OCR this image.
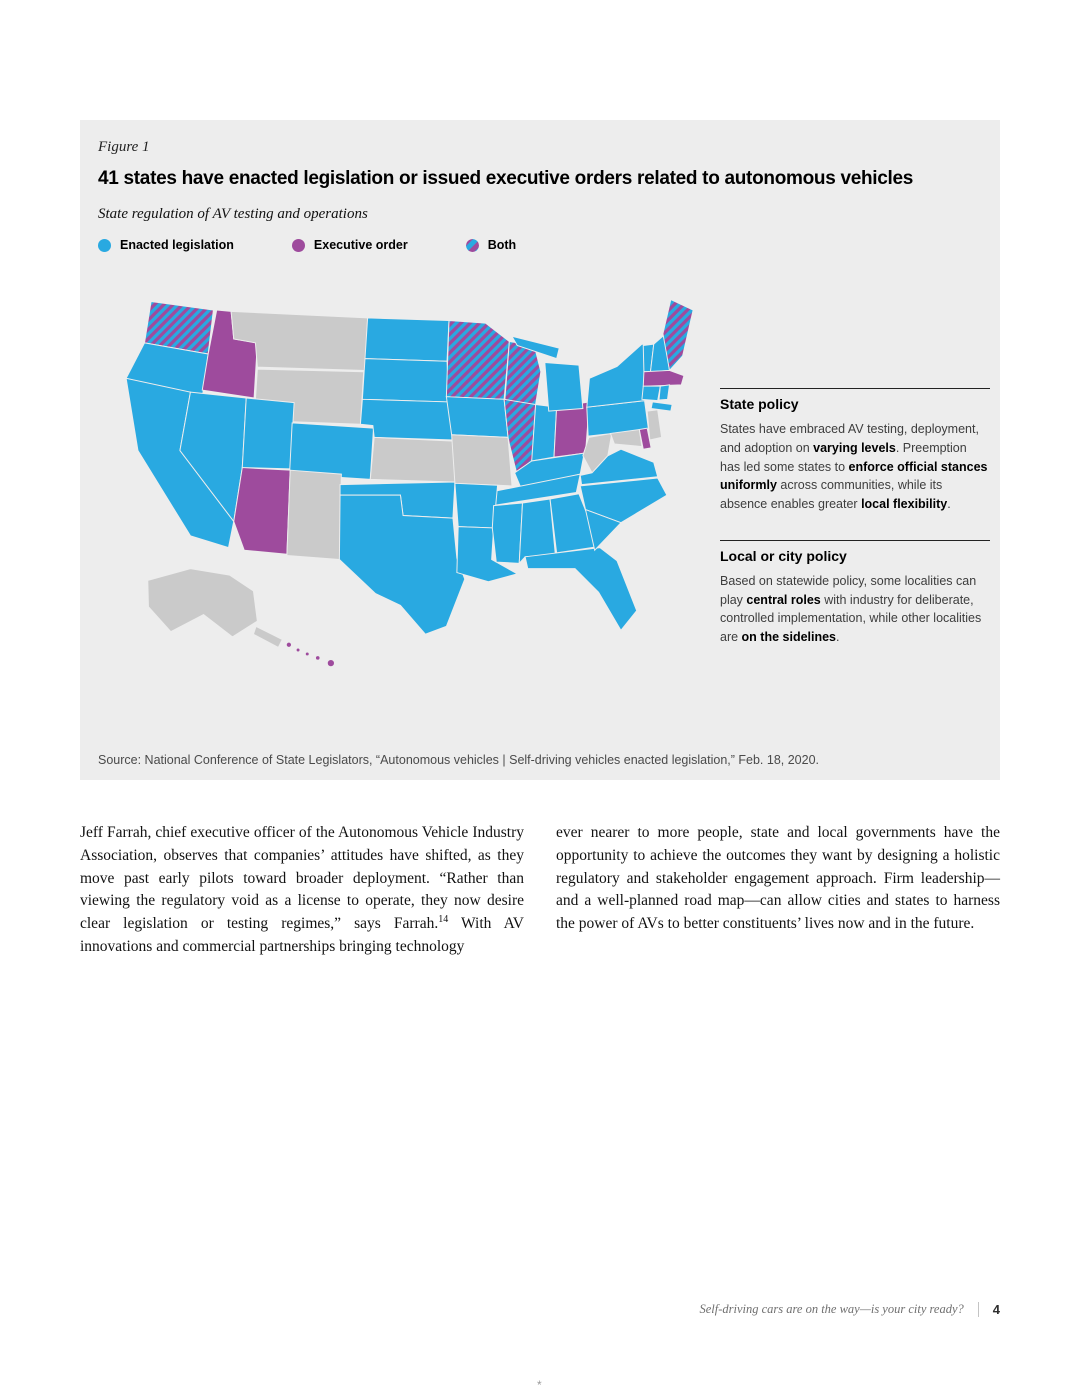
Figure 1
41 states have enacted legislation or issued executive orders related to autonomous vehicles
State regulation of AV testing and operations
Enacted legislation	Executive order	Both
State policy
States have embraced AV testing, deployment, and adoption on varying levels. Preemption has led some states to enforce official stances uniformly across communities, while its absence enables greater local flexibility.
Local or city policy
Based on statewide policy, some localities can play central roles with industry for deliberate, controlled implementation, while other localities are on the sidelines.
Source: National Conference of State Legislators, “Autonomous vehicles | Self-driving vehicles enacted legislation,” Feb. 18, 2020.
Jeff Farrah, chief executive officer of the Autonomous Vehicle Industry Association, observes that companies’ attitudes have shifted, as they move past early pilots toward broader deployment. “Rather than viewing the regulatory void as a license to operate, they now desire clear legislation or testing regimes,” says Farrah.$^{14}$ With AV innovations and commercial partnerships bringing technology
ever nearer to more people, state and local governments have the opportunity to achieve the outcomes they want by designing a holistic regulatory and stakeholder engagement approach. Firm leadership—and a well-planned road map—can allow cities and states to harness the power of AVs to better constituents’ lives now and in the future.
Self-driving cars are on the way—is your city ready? 4
*
